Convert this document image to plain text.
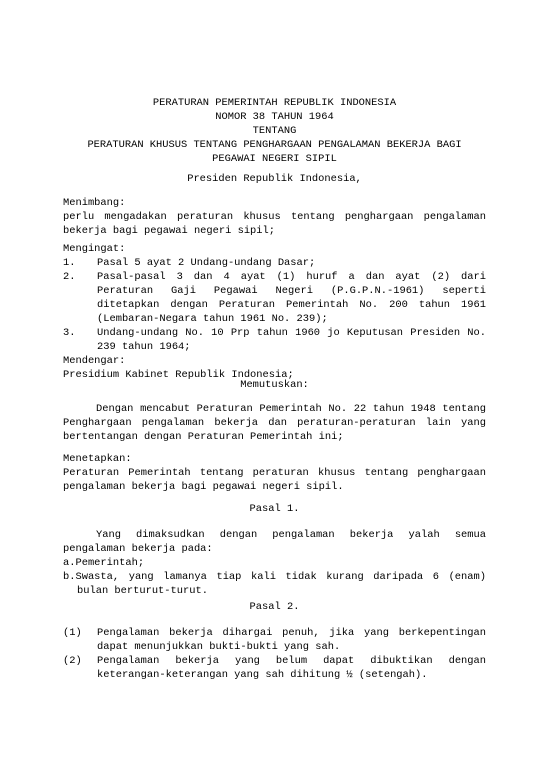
PERATURAN PEMERINTAH REPUBLIK INDONESIA
NOMOR 38 TAHUN 1964
TENTANG
PERATURAN KHUSUS TENTANG PENGHARGAAN PENGALAMAN BEKERJA BAGI
PEGAWAI NEGERI SIPIL
Presiden Republik Indonesia,
Menimbang:
perlu mengadakan peraturan khusus tentang penghargaan pengalaman bekerja bagi pegawai negeri sipil;
Mengingat:
1. Pasal 5 ayat 2 Undang-undang Dasar;
2. Pasal-pasal 3 dan 4 ayat (1) huruf a dan ayat (2) dari Peraturan Gaji Pegawai Negeri (P.G.P.N.-1961) seperti ditetapkan dengan Peraturan Pemerintah No. 200 tahun 1961 (Lembaran-Negara tahun 1961 No. 239);
3. Undang-undang No. 10 Prp tahun 1960 jo Keputusan Presiden No. 239 tahun 1964;
Mendengar:
Presidium Kabinet Republik Indonesia;
Memutuskan:
Dengan mencabut Peraturan Pemerintah No. 22 tahun 1948 tentang Penghargaan pengalaman bekerja dan peraturan-peraturan lain yang bertentangan dengan Peraturan Pemerintah ini;
Menetapkan:
Peraturan Pemerintah tentang peraturan khusus tentang penghargaan pengalaman bekerja bagi pegawai negeri sipil.
Pasal 1.
Yang dimaksudkan dengan pengalaman bekerja yalah semua pengalaman bekerja pada:
a.Pemerintah;
b.Swasta, yang lamanya tiap kali tidak kurang daripada 6 (enam) bulan berturut-turut.
Pasal 2.
(1) Pengalaman bekerja dihargai penuh, jika yang berkepentingan dapat menunjukkan bukti-bukti yang sah.
(2) Pengalaman bekerja yang belum dapat dibuktikan dengan keterangan-keterangan yang sah dihitung ½ (setengah).
